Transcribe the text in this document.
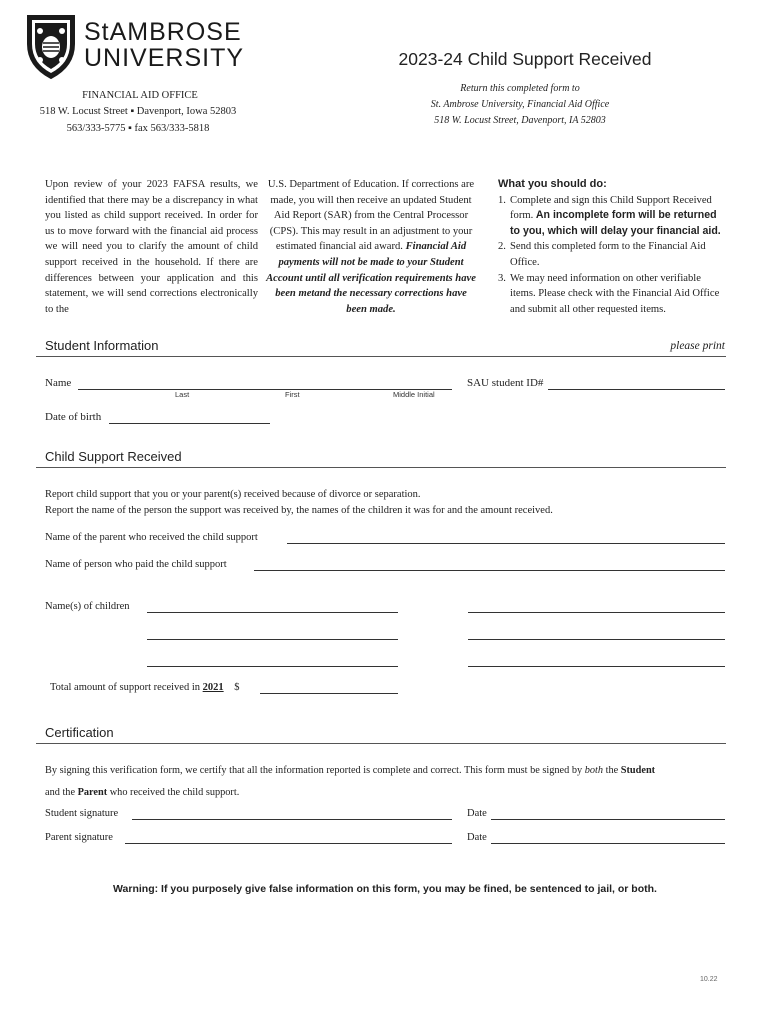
StAMBROSE
UNIVERSITY
FINANCIAL AID OFFICE
518 W. Locust Street ▪ Davenport, Iowa 52803
563/333-5775 ▪ fax 563/333-5818
2023-24 Child Support Received
Return this completed form to
St. Ambrose University, Financial Aid Office
518 W. Locust Street, Davenport, IA 52803
Upon review of your 2023 FAFSA results, we identified that there may be a discrepancy in what you listed as child support received. In order for us to move forward with the financial aid process we will need you to clarify the amount of child support received in the household. If there are differences between your application and this statement, we will send corrections electronically to the
U.S. Department of Education. If corrections are made, you will then receive an updated Student Aid Report (SAR) from the Central Processor (CPS). This may result in an adjustment to your estimated financial aid award. Financial Aid payments will not be made to your Student Account until all verification requirements have been metand the necessary corrections have been made.
What you should do:
1. Complete and sign this Child Support Received form. An incomplete form will be returned to you, which will delay your financial aid.
2. Send this completed form to the Financial Aid Office.
3. We may need information on other verifiable items. Please check with the Financial Aid Office and submit all other requested items.
Student Information	please print
Name
Last	First	Middle Initial
SAU student ID#
Date of birth
Child Support Received
Report child support that you or your parent(s) received because of divorce or separation.
Report the name of the person the support was received by, the names of the children it was for and the amount received.
Name of the parent who received the child support
Name of person who paid the child support
Name(s) of children
Total amount of support received in 2021 $
Certification
By signing this verification form, we certify that all the information reported is complete and correct. This form must be signed by both the Student
and the Parent who received the child support.
Student signature	Date
Parent signature	Date
Warning: If you purposely give false information on this form, you may be fined, be sentenced to jail, or both.
10.22
